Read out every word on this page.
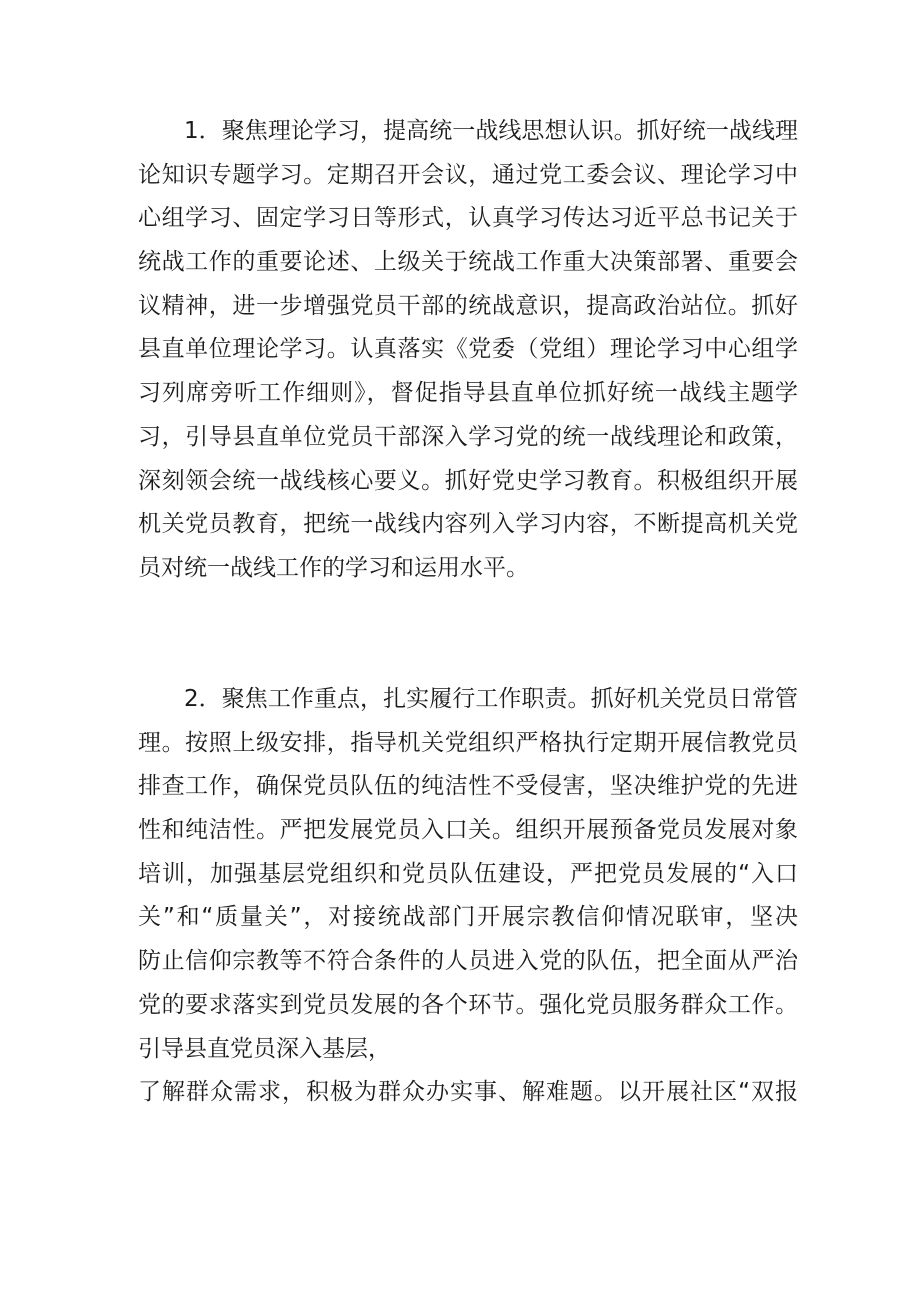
1．聚焦理论学习，提高统一战线思想认识。抓好统一战线理
论知识专题学习。定期召开会议，通过党工委会议、理论学习中
心组学习、固定学习日等形式，认真学习传达习近平总书记关于
统战工作的重要论述、上级关于统战工作重大决策部署、重要会
议精神，进一步增强党员干部的统战意识，提高政治站位。抓好
县直单位理论学习。认真落实《党委（党组）理论学习中心组学
习列席旁听工作细则》，督促指导县直单位抓好统一战线主题学
习，引导县直单位党员干部深入学习党的统一战线理论和政策，
深刻领会统一战线核心要义。抓好党史学习教育。积极组织开展
机关党员教育，把统一战线内容列入学习内容，不断提高机关党
员对统一战线工作的学习和运用水平。
2．聚焦工作重点，扎实履行工作职责。抓好机关党员日常管
理。按照上级安排，指导机关党组织严格执行定期开展信教党员
排查工作，确保党员队伍的纯洁性不受侵害，坚决维护党的先进
性和纯洁性。严把发展党员入口关。组织开展预备党员发展对象
培训，加强基层党组织和党员队伍建设，严把党员发展的“入口
关”和“质量关”，对接统战部门开展宗教信仰情况联审，坚决
防止信仰宗教等不符合条件的人员进入党的队伍，把全面从严治
党的要求落实到党员发展的各个环节。强化党员服务群众工作。
引导县直党员深入基层，
了解群众需求，积极为群众办实事、解难题。以开展社区“双报
